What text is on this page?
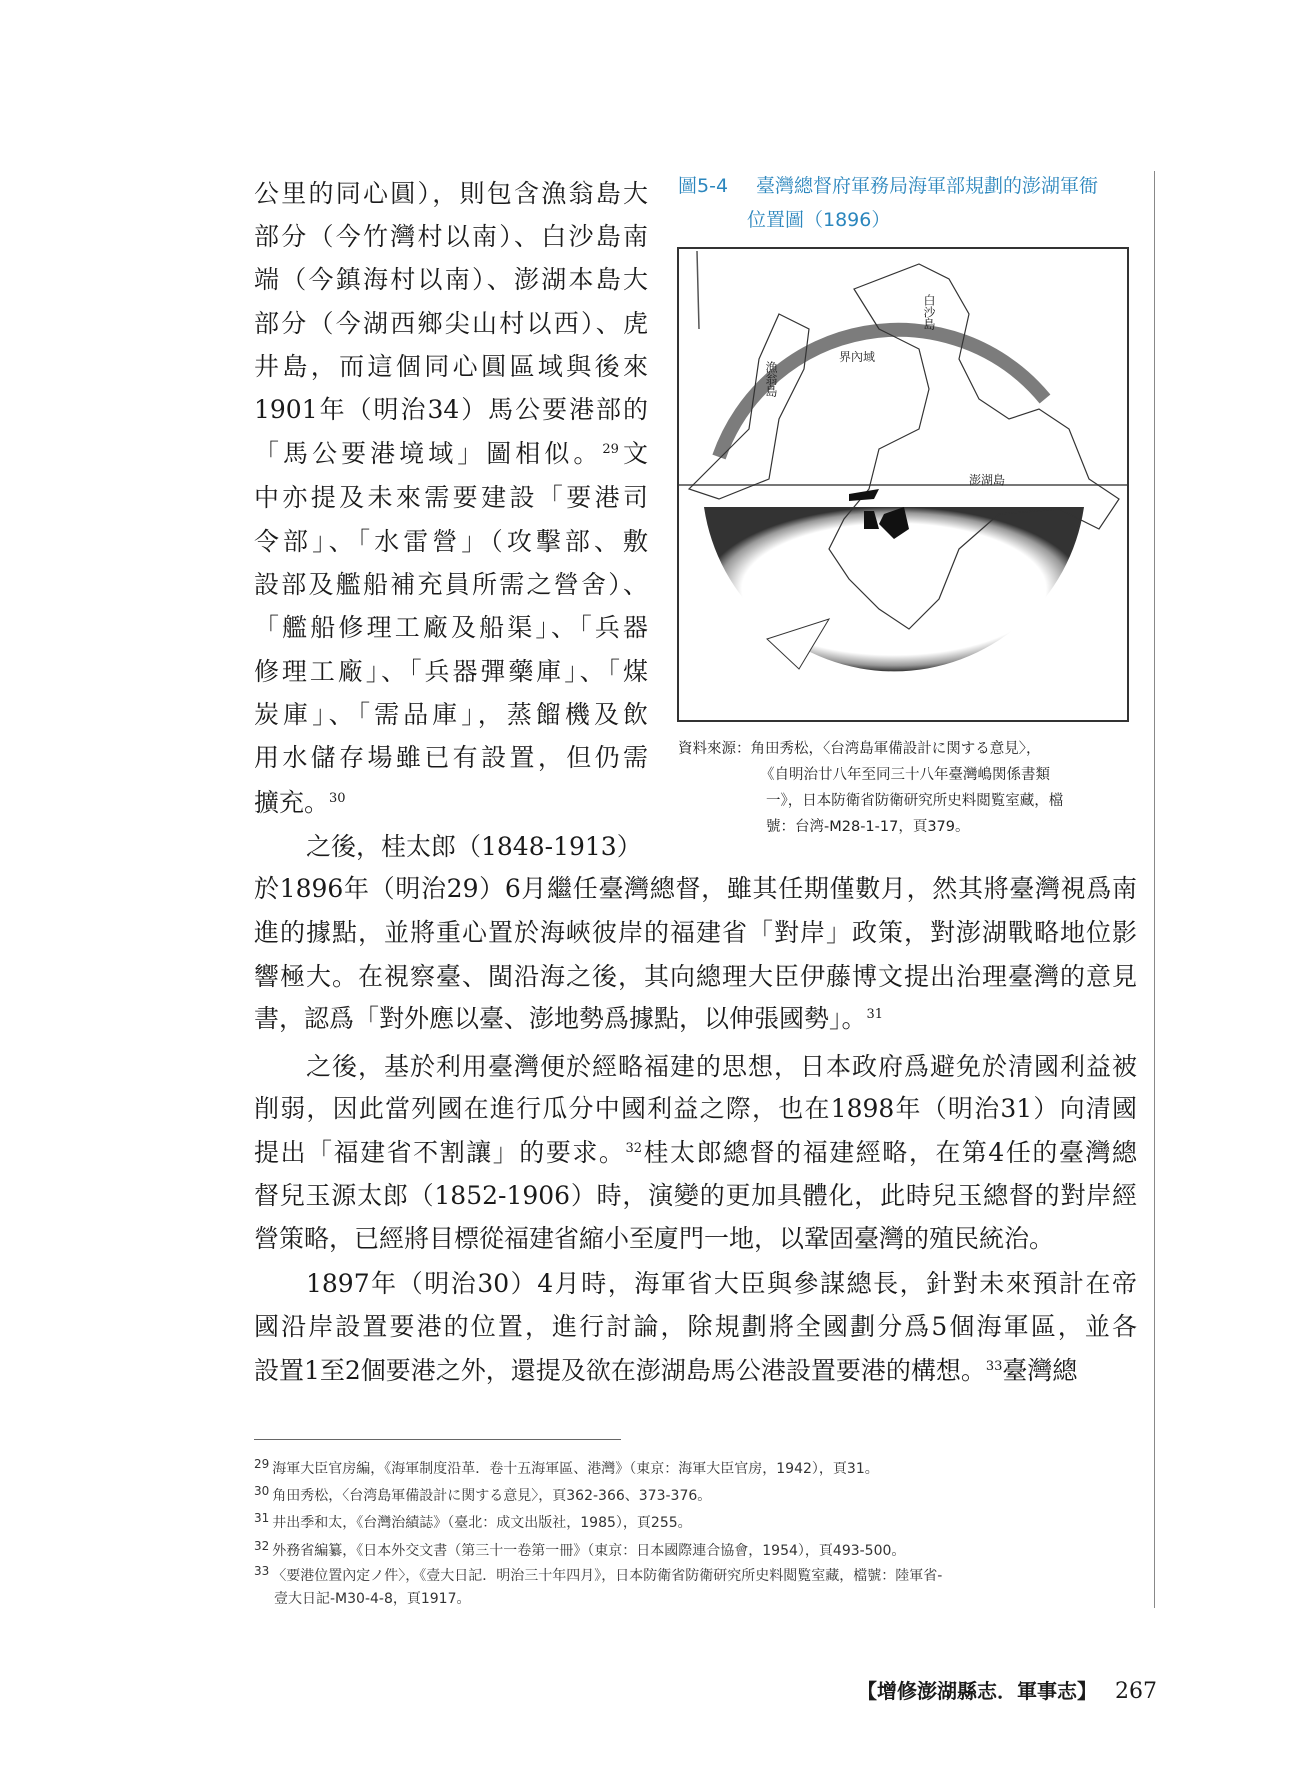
公里的同心圓），則包含漁翁島大
部分（今竹灣村以南）、白沙島南
端（今鎮海村以南）、澎湖本島大
部分（今湖西鄉尖山村以西）、虎
井島，而這個同心圓區域與後來
1901年（明治34）馬公要港部的
「馬公要港境域」圖相似。$^{29}$文
中亦提及未來需要建設「要港司
令部」、「水雷營」（攻擊部、敷
設部及艦船補充員所需之營舍）、
「艦船修理工廠及船渠」、「兵器
修理工廠」、「兵器彈藥庫」、「煤
炭庫」、「需品庫」，蒸餾機及飲
用水儲存場雖已有設置，但仍需
擴充。$^{30}$
之後，桂太郎（1848-1913）
於1896年（明治29）6月繼任臺灣總督，雖其任期僅數月，然其將臺灣視爲南
進的據點，並將重心置於海峽彼岸的福建省「對岸」政策，對澎湖戰略地位影
響極大。在視察臺、閩沿海之後，其向總理大臣伊藤博文提出治理臺灣的意見
書，認爲「對外應以臺、澎地勢爲據點，以伸張國勢」。$^{31}$
之後，基於利用臺灣便於經略福建的思想，日本政府爲避免於清國利益被
削弱，因此當列國在進行瓜分中國利益之際，也在1898年（明治31）向清國
提出「福建省不割讓」的要求。$^{32}$桂太郎總督的福建經略，在第4任的臺灣總
督兒玉源太郎（1852-1906）時，演變的更加具體化，此時兒玉總督的對岸經
營策略，已經將目標從福建省縮小至廈門一地，以鞏固臺灣的殖民統治。
1897年（明治30）4月時，海軍省大臣與參謀總長，針對未來預計在帝
國沿岸設置要港的位置，進行討論，除規劃將全國劃分爲5個海軍區，並各
設置1至2個要港之外，還提及欲在澎湖島馬公港設置要港的構想。$^{33}$臺灣總
圖5-4 臺灣總督府軍務局海軍部規劃的澎湖軍衙
位置圖（1896）
白沙島
漁翁島
澎湖島
界內域
資料來源：角田秀松，〈台湾島軍備設計に関する意見〉，
《自明治廿八年至同三十八年臺灣嶋関係書類
一》，日本防衛省防衛研究所史料閲覧室藏，檔
號：台湾-M28-1-17，頁379。
29 海軍大臣官房編，《海軍制度沿革．卷十五海軍區、港灣》（東京：海軍大臣官房，1942），頁31。
30 角田秀松，〈台湾島軍備設計に関する意見〉，頁362-366、373-376。
31 井出季和太，《台灣治績誌》（臺北：成文出版社，1985），頁255。
32 外務省編纂，《日本外交文書（第三十一卷第一冊》（東京：日本國際連合協會，1954），頁493-500。
33 〈要港位置內定ノ件〉，《壹大日記．明治三十年四月》，日本防衛省防衛研究所史料閲覧室藏，檔號：陸軍省-
壹大日記-M30-4-8，頁1917。
【增修澎湖縣志．軍事志】 267
